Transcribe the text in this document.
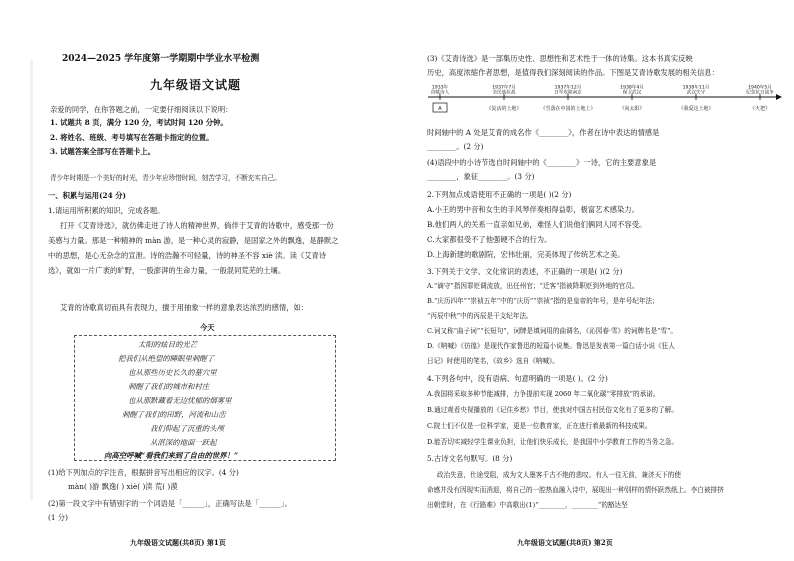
2024—2025 学年度第一学期期中学业水平检测
九年级语文试题
亲爱的同学，在你答题之前，一定要仔细阅读以下说明：
1. 试题共 8 页，满分 120 分，考试时间 120 分钟。
2. 将姓名、班级、考号填写在答题卡指定的位置。
3. 试题答案全部写在答题卡上。
青少年时期是一个美好的时光，青少年应珍惜时间，刻苦学习，不断充实自己。
一、积累与运用(24 分)
1.请运用所积累的知识，完成各题。
打开《艾青诗选》，就仿佛走进了诗人的精神世界，倘佯于艾青的诗歌中，感受那一份
美感与力量。那是一种精神的 màn 游，是一种心灵的寂静，是国家之外的飘逸，是静默之
中的思想，是心无杂念的宣泄。诗的浩瀚不可轻量，诗的神圣不容 xiè 渎。读《艾青诗
选》，就如一片广袤的旷野，一股澎湃的生命力量，一般混同荒芜的土壤。
艾青的诗歌真切而具有表现力，擅于用抽象一样的意象表达浓烈的感情，如：
今天
太阳的炫目的光芒
把我们从绝望的睡眠里刺醒了
也从那些历史长久的墓穴里
刺醒了我们的城市和村庄
也从那默藏着无边忧郁的烟雾里
刺醒了我们的田野，河流和山峦
我们仰起了沉重的头颅
从湛深的地面一跃起
向高空呼喊“看我们来到了自由的世界！”
(1)给下列加点的字注音，根据拼音写出相应的汉字。(4 分)
màn( )游 飘逸( ) xiè( )渎 荒( )漠
(2)第一段文字中有错别字的一个词语是「______」，正确写法是「______」。
(1 分)
九年级语文试题(共8页) 第1页
(3)《艾青诗选》是一部集历史性、思想性和艺术性于一体的诗集。这本书真实反映
历史，高度浓缩作者思想，是值得我们深刻阅读的作品。下图是艾青诗歌发展的相关信息：
1933年
首赋诗人
A
1937年7月
全民族抗战
《复活的土地》
1937年12月
日军攻陷南京
《雪落在中国的土地上》
1938年4月
保卫武汉
《向太阳》
1938年11月
武汉失守
《我爱这土地》
1940年5月
纪念抗日战争
《火把》
时间轴中的 A 处是艾青的成名作《________》，作者在诗中表达的情感是
________。(2 分)
(4)语段中的小诗节选自时间轴中的《________》一诗，它的主要意象是
________，象征________。(3 分)
2.下列加点成语使用不正确的一项是( )(2 分)
A.小王的男中音和女生的手风琴伴奏相得益彰，极富艺术感染力。
B.他们两人的关系一直亲如兄弟，难怪人们说他们俩同人同不容受。
C.大家都很受不了他强硬不合的行为。
D.上海新建的歌剧院，宏伟壮丽，完美体现了传统艺术之美。
3.下列关于文学、文化常识的表述，不正确的一项是( )(2 分)
A.“谪守”指因罪贬调流放，出任州官；“迁客”指被降职贬到外地的官员。
B.“庆历四年”“崇祯五年”中的“庆历”“崇祯”指的是皇帝的年号，是年号纪年法；
“丙辰中秋”中的丙辰是干支纪年法。
C.词又称“曲子词”“长短句”，词牌是填词用的曲调名，《沁园春·雪》的词牌名是“雪”。
D.《呐喊》《彷徨》是现代作家鲁迅的短篇小说集。鲁迅是发表第一篇白话小说《狂人
日记》时使用的笔名，《故乡》选自《呐喊》。
4.下列各句中，没有语病、句意明确的一项是( )。(2 分)
A.我国将采取多种节能减排，力争提前实现 2060 年二氧化碳“零排放”的承诺。
B.通过观看央视播放的《记住乡愁》节目，使我对中国古村民俗文化有了更多的了解。
C.院士们不仅是一位科学家，更是一位教育家，正在进行着最新的科技成果。
D.能否切实减轻学生课业负担，让他们快乐成长，是我国中小学教育工作的当务之急。
5.古诗文名句默写。(8 分)
政治失意，仕途受阻，成为文人墨客千古不绝的悲叹。有人一往无前，兼济天下的使
命感并没有因现实而消退，将自己的一腔热血融入诗中，展现出一种别样的情怀跃然纸上。李白被排挤
出朝堂时，在《行路难》中高歌出(1)“________，________”的豁达坚
九年级语文试题(共8页) 第2页
